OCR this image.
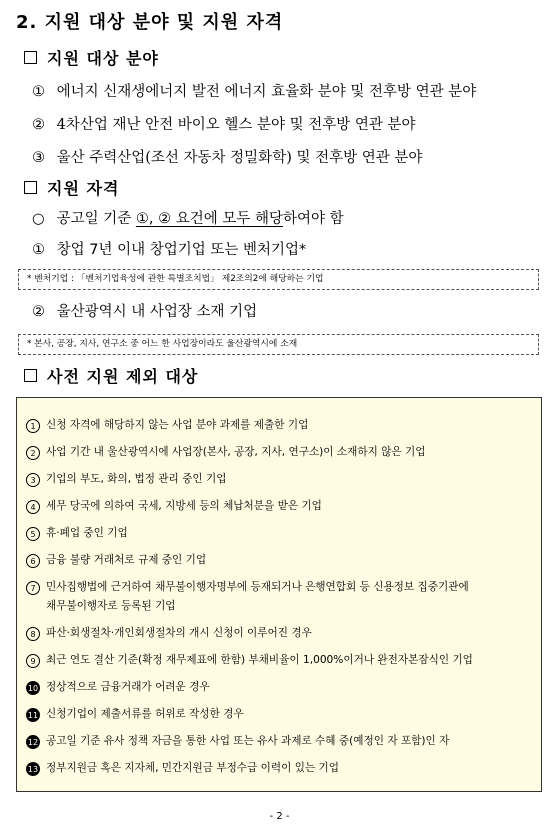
2. 지원 대상 분야 및 지원 자격
지원 대상 분야
① 에너지 신재생에너지 발전 에너지 효율화 분야 및 전후방 연관 분야
② 4차산업 재난 안전 바이오 헬스 분야 및 전후방 연관 분야
③ 울산 주력산업(조선 자동차 정밀화학) 및 전후방 연관 분야
지원 자격
○ 공고일 기준 ①, ② 요건에 모두 해당하여야 함
① 창업 7년 이내 창업기업 또는 벤처기업*
* 벤처기업 : 「벤처기업육성에 관한 특별조치법」 제2조의2에 해당하는 기업
② 울산광역시 내 사업장 소재 기업
* 본사, 공장, 지사, 연구소 중 어느 한 사업장이라도 울산광역시에 소재
사전 지원 제외 대상
1 신청 자격에 해당하지 않는 사업 분야 과제를 제출한 기업
2 사업 기간 내 울산광역시에 사업장(본사, 공장, 지사, 연구소)이 소재하지 않은 기업
3 기업의 부도, 화의, 법정 관리 중인 기업
4 세무 당국에 의하여 국세, 지방세 등의 체납처분을 받은 기업
5 휴·폐업 중인 기업
6 금융 불량 거래처로 규제 중인 기업
7 민사집행법에 근거하여 채무불이행자명부에 등재되거나 은행연합회 등 신용정보 집중기관에
채무불이행자로 등록된 기업
8 파산·회생절차·개인회생절차의 개시 신청이 이루어진 경우
9 최근 연도 결산 기준(확정 재무제표에 한함) 부채비율이 1,000%이거나 완전자본잠식인 기업
10 정상적으로 금융거래가 어려운 경우
11 신청기업이 제출서류를 허위로 작성한 경우
12 공고일 기준 유사 정책 자금을 통한 사업 또는 유사 과제로 수혜 중(예정인 자 포함)인 자
13 정부지원금 혹은 지자체, 민간지원금 부정수급 이력이 있는 기업
- 2 -
